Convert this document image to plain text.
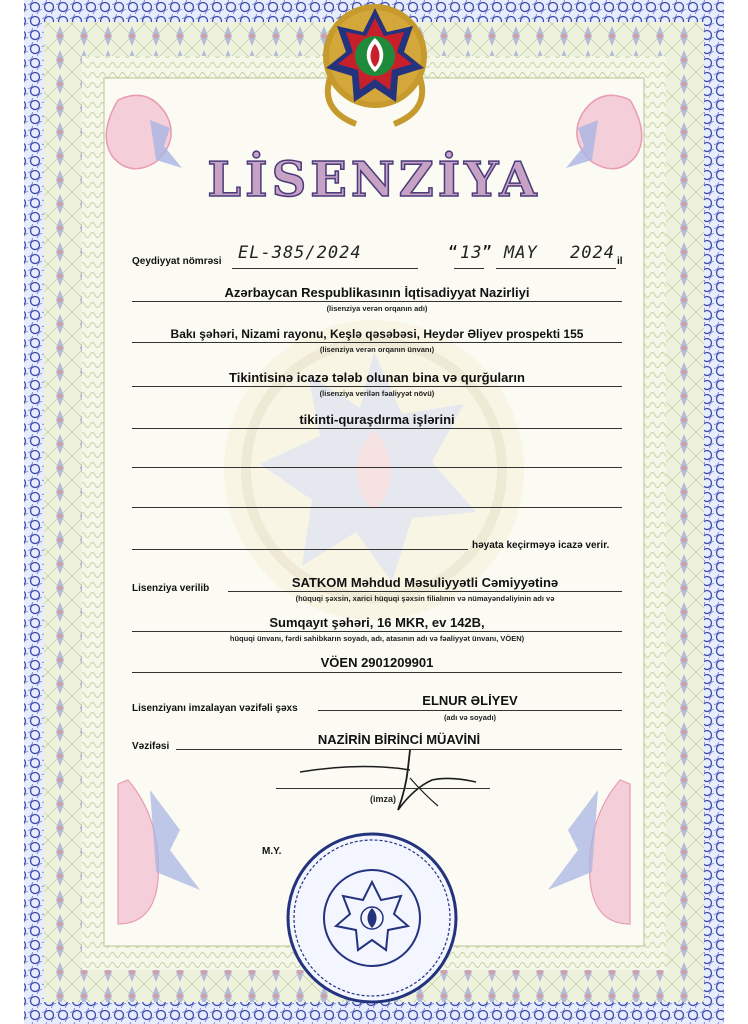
LİSENZİYA
Qeydiyyat nömrəsi EL-385/2024	“ 13 ” MAY 2024 il
Azərbaycan Respublikasının İqtisadiyyat Nazirliyi
(lisenziya verən orqanın adı)
Bakı şəhəri, Nizami rayonu, Keşlə qəsəbəsi, Heydər Əliyev prospekti 155
(lisenziya verən orqanın ünvanı)
Tikintisinə icazə tələb olunan bina və qurğuların
(lisenziya verilən fəaliyyət növü)
tikinti-quraşdırma işlərini
həyata keçirməyə icazə verir.
Lisenziya verilib	SATKOM Məhdud Məsuliyyətli Cəmiyyətinə
(hüquqi şəxsin, xarici hüquqi şəxsin filialının və nümayəndəliyinin adı və
Sumqayıt şəhəri, 16 MKR, ev 142B,
hüquqi ünvanı, fərdi sahibkarın soyadı, adı, atasının adı və fəaliyyət ünvanı, VÖEN)
VÖEN 2901209901
Lisenziyanı imzalayan vəzifəli şəxs
ELNUR ƏLİYEV
(adı və soyadı)
Vəzifəsi	NAZİRİN BİRİNCİ MÜAVİNİ
(imza)
M.Y.
